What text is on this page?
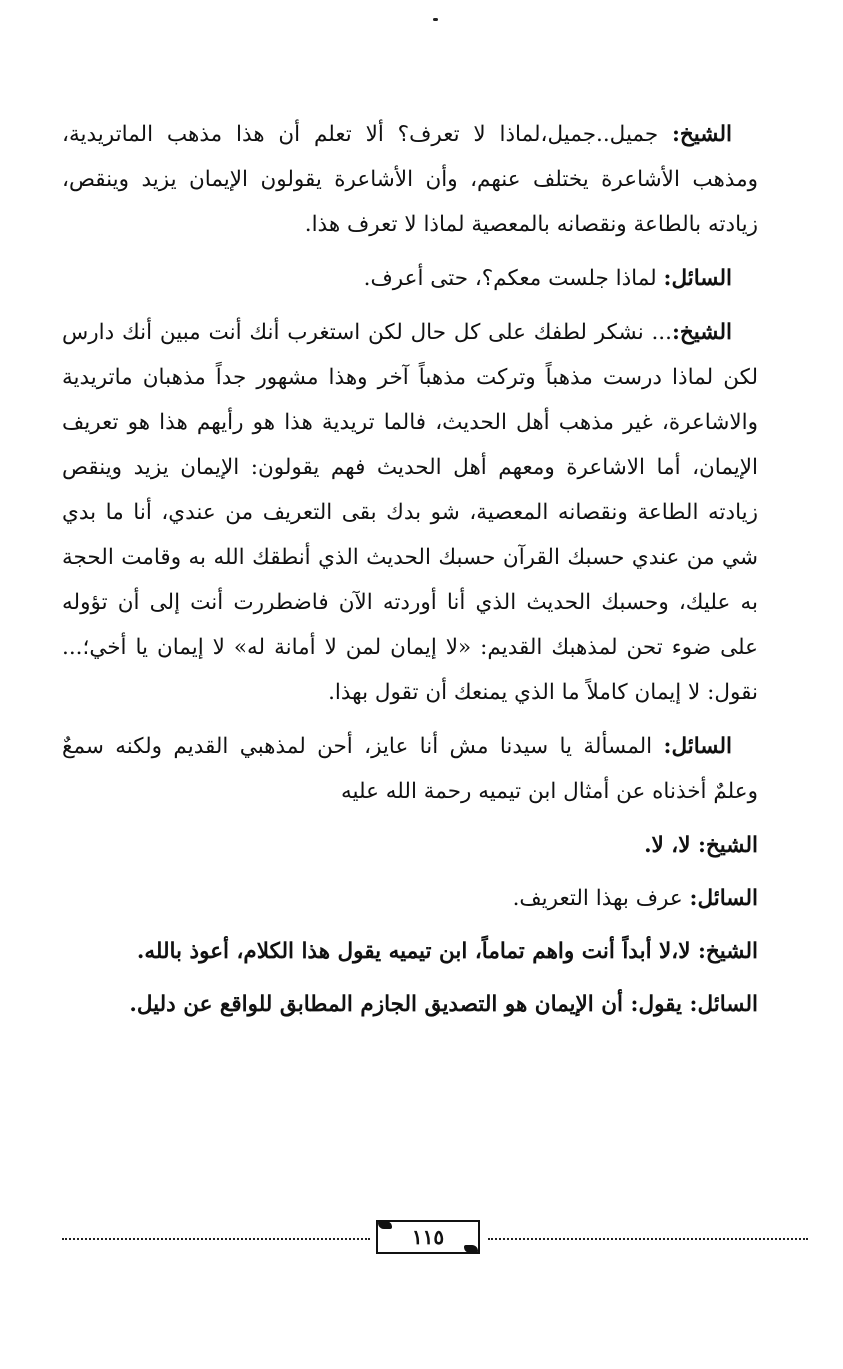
الشيخ: جميل..جميل،لماذا لا تعرف؟ ألا تعلم أن هذا مذهب الماتريدية، ومذهب الأشاعرة يختلف عنهم، وأن الأشاعرة يقولون الإيمان يزيد وينقص، زيادته بالطاعة ونقصانه بالمعصية لماذا لا تعرف هذا.

السائل: لماذا جلست معكم؟، حتى أعرف.

الشيخ:... نشكر لطفك على كل حال لكن استغرب أنك أنت مبين أنك دارس لكن لماذا درست مذهباً وتركت مذهباً آخر وهذا مشهور جداً مذهبان ماتريدية والاشاعرة، غير مذهب أهل الحديث، فالما تريدية هذا هو رأيهم هذا هو تعريف الإيمان، أما الاشاعرة ومعهم أهل الحديث فهم يقولون: الإيمان يزيد وينقص زيادته الطاعة ونقصانه المعصية، شو بدك بقى التعريف من عندي، أنا ما بدي شي من عندي حسبك القرآن حسبك الحديث الذي أنطقك الله به وقامت الحجة به عليك، وحسبك الحديث الذي أنا أوردته الآن فاضطررت أنت إلى أن تؤوله على ضوء تحن لمذهبك القديم: «لا إيمان لمن لا أمانة له» لا إيمان يا أخي؛... نقول: لا إيمان كاملاً ما الذي يمنعك أن تقول بهذا.

السائل: المسألة يا سيدنا مش أنا عايز، أحن لمذهبي القديم ولكنه سمعٌ وعلمٌ أخذناه عن أمثال ابن تيميه رحمة الله عليه

الشيخ: لا، لا.

السائل: عرف بهذا التعريف.

الشيخ: لا،لا أبداً أنت واهم تماماً، ابن تيميه يقول هذا الكلام، أعوذ بالله.

السائل: يقول: أن الإيمان هو التصديق الجازم المطابق للواقع عن دليل.

١١٥
